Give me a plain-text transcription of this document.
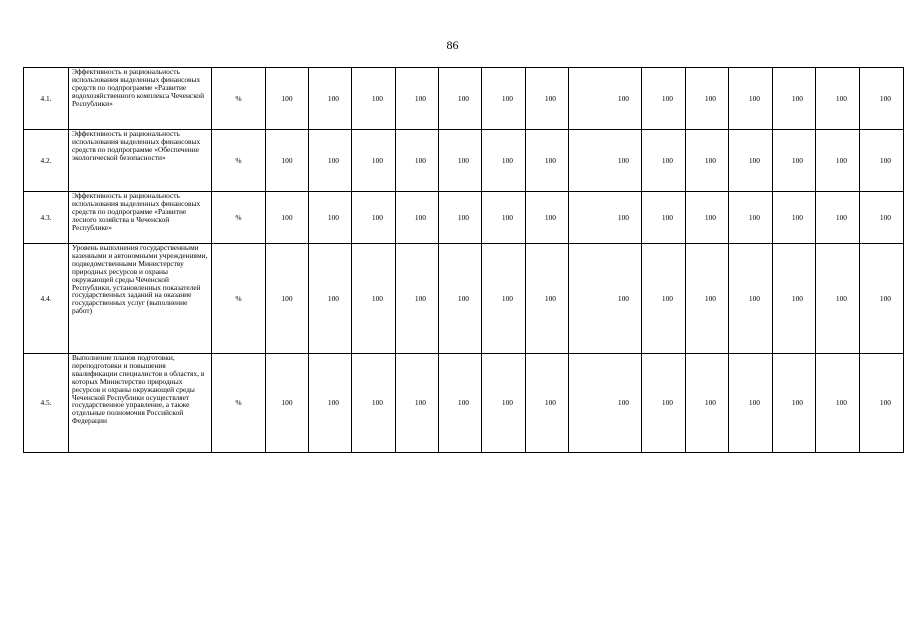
86
4.1.	Эффективность и рациональность использования выделенных финансовых средств по подпрограмме «Развитие водохозяйственного комплекса Чеченской Республики»	%	100	100	100	100	100	100	100	100	100	100	100	100	100	100
4.2.	Эффективность и рациональность использования выделенных финансовых средств по подпрограмме «Обеспечение экологической безопасности»	%	100	100	100	100	100	100	100	100	100	100	100	100	100	100
4.3.	Эффективность и рациональность использования выделенных финансовых средств по подпрограмме «Развитие лесного хозяйства в Чеченской Республике»	%	100	100	100	100	100	100	100	100	100	100	100	100	100	100
4.4.	Уровень выполнения государственными казенными и автономными учреждениями, подведомственными Министерству природных ресурсов и охраны окружающей среды Чеченской Республики, установленных показателей государственных заданий на оказание государственных услуг (выполнение работ)	%	100	100	100	100	100	100	100	100	100	100	100	100	100	100
4.5.	Выполнение планов подготовки, переподготовки и повышения квалификации специалистов в областях, в которых Министерство природных ресурсов и охраны окружающей среды Чеченской Республики осуществляет государственное управление, а также отдельные полномочия Российской Федерации	%	100	100	100	100	100	100	100	100	100	100	100	100	100	100
